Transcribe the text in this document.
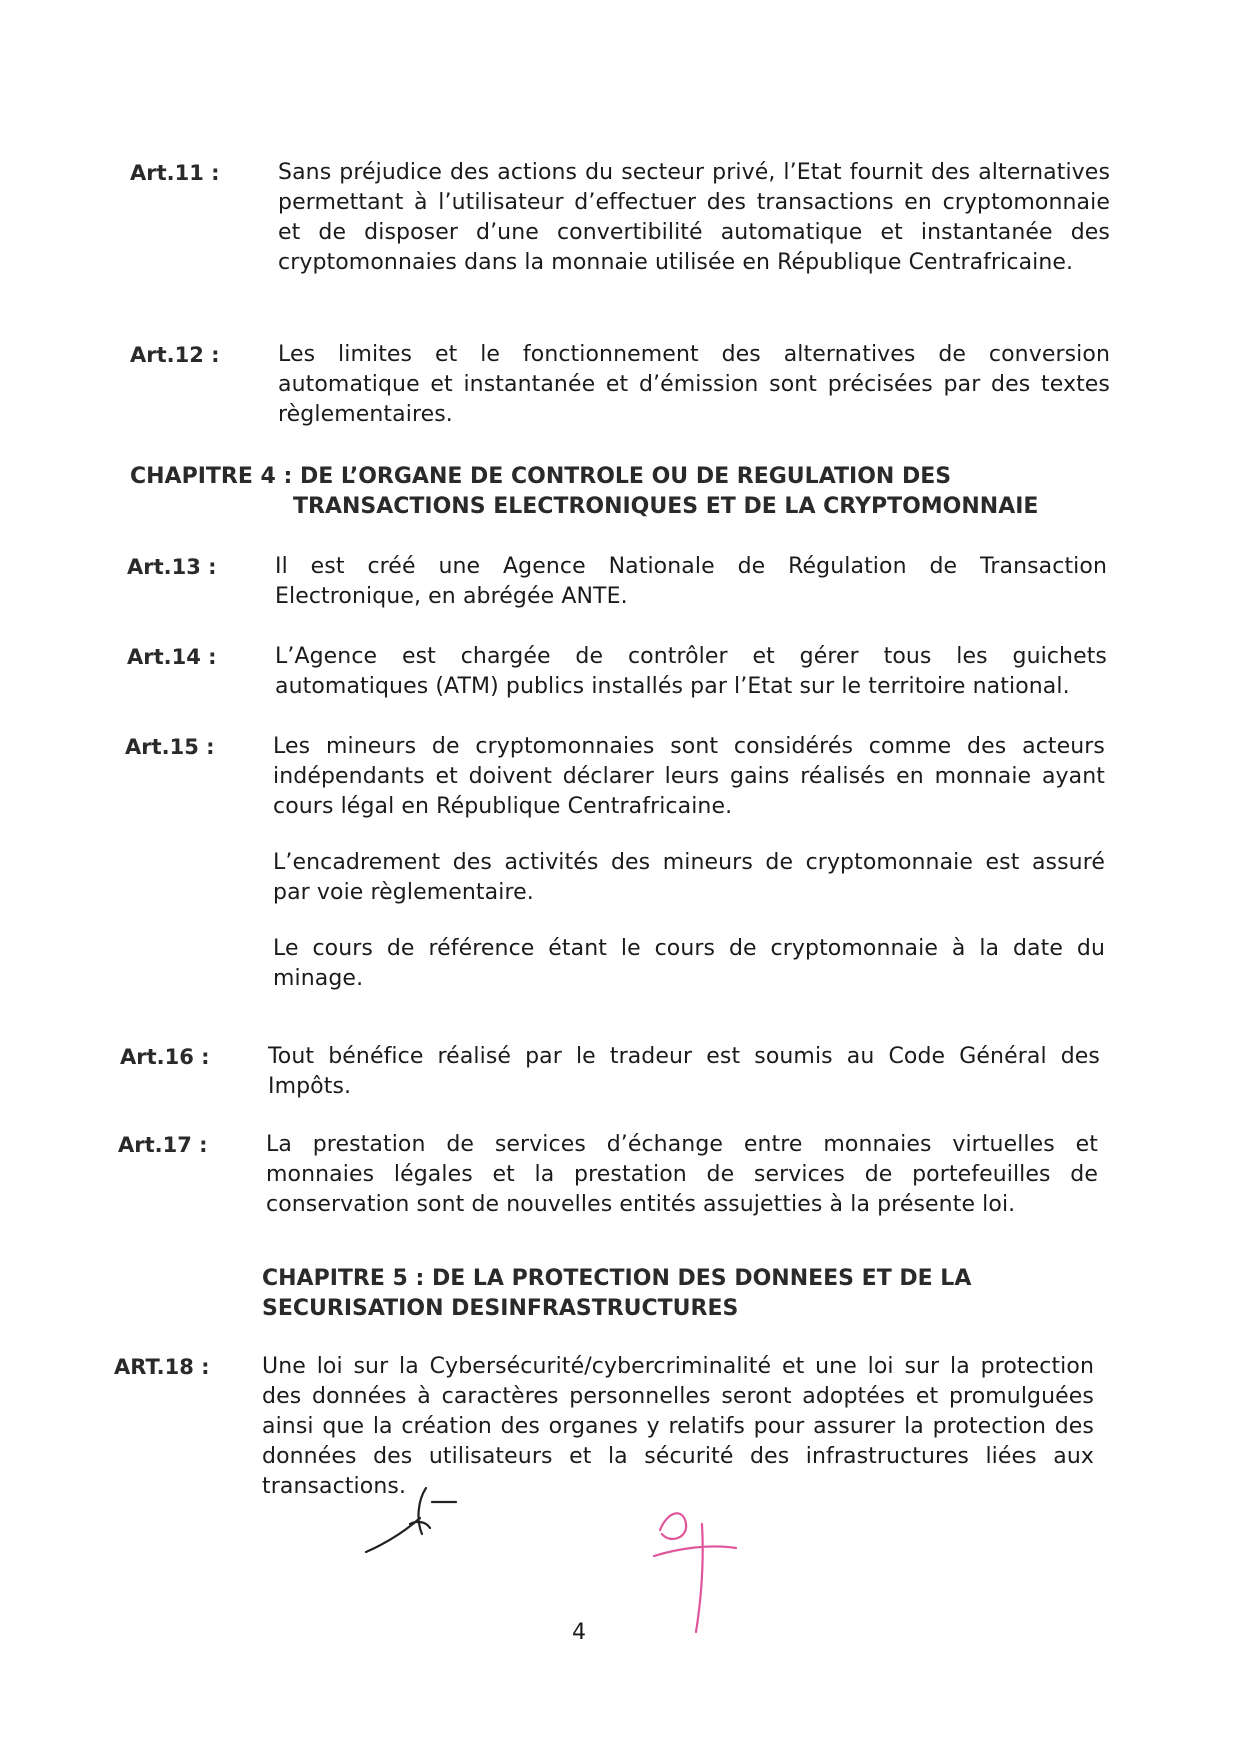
Art.11 :	Sans préjudice des actions du secteur privé, l’Etat fournit des alternatives permettant à l’utilisateur d’effectuer des transactions en cryptomonnaie et de disposer d’une convertibilité automatique et instantanée des cryptomonnaies dans la monnaie utilisée en République Centrafricaine.

Art.12 :	Les limites et le fonctionnement des alternatives de conversion automatique et instantanée et d’émission sont précisées par des textes règlementaires.

CHAPITRE 4 : DE L’ORGANE DE CONTROLE OU DE REGULATION DES
TRANSACTIONS ELECTRONIQUES ET DE LA CRYPTOMONNAIE
Art.13 :	Il est créé une Agence Nationale de Régulation de Transaction Electronique, en abrégée ANTE.

Art.14 :	L’Agence est chargée de contrôler et gérer tous les guichets automatiques (ATM) publics installés par l’Etat sur le territoire national.

Art.15 :	Les mineurs de cryptomonnaies sont considérés comme des acteurs indépendants et doivent déclarer leurs gains réalisés en monnaie ayant cours légal en République Centrafricaine.

L’encadrement des activités des mineurs de cryptomonnaie est assuré par voie règlementaire.

Le cours de référence étant le cours de cryptomonnaie à la date du minage.

Art.16 :	Tout bénéfice réalisé par le tradeur est soumis au Code Général des Impôts.

Art.17 :	La prestation de services d’échange entre monnaies virtuelles et monnaies légales et la prestation de services de portefeuilles de conservation sont de nouvelles entités assujetties à la présente loi.

CHAPITRE 5 : DE LA PROTECTION DES DONNEES ET DE LA
SECURISATION DESINFRASTRUCTURES
ART.18 :	Une loi sur la Cybersécurité/cybercriminalité et une loi sur la protection des données à caractères personnelles seront adoptées et promulguées ainsi que la création des organes y relatifs pour assurer la protection des données des utilisateurs et la sécurité des infrastructures liées aux transactions.

4
